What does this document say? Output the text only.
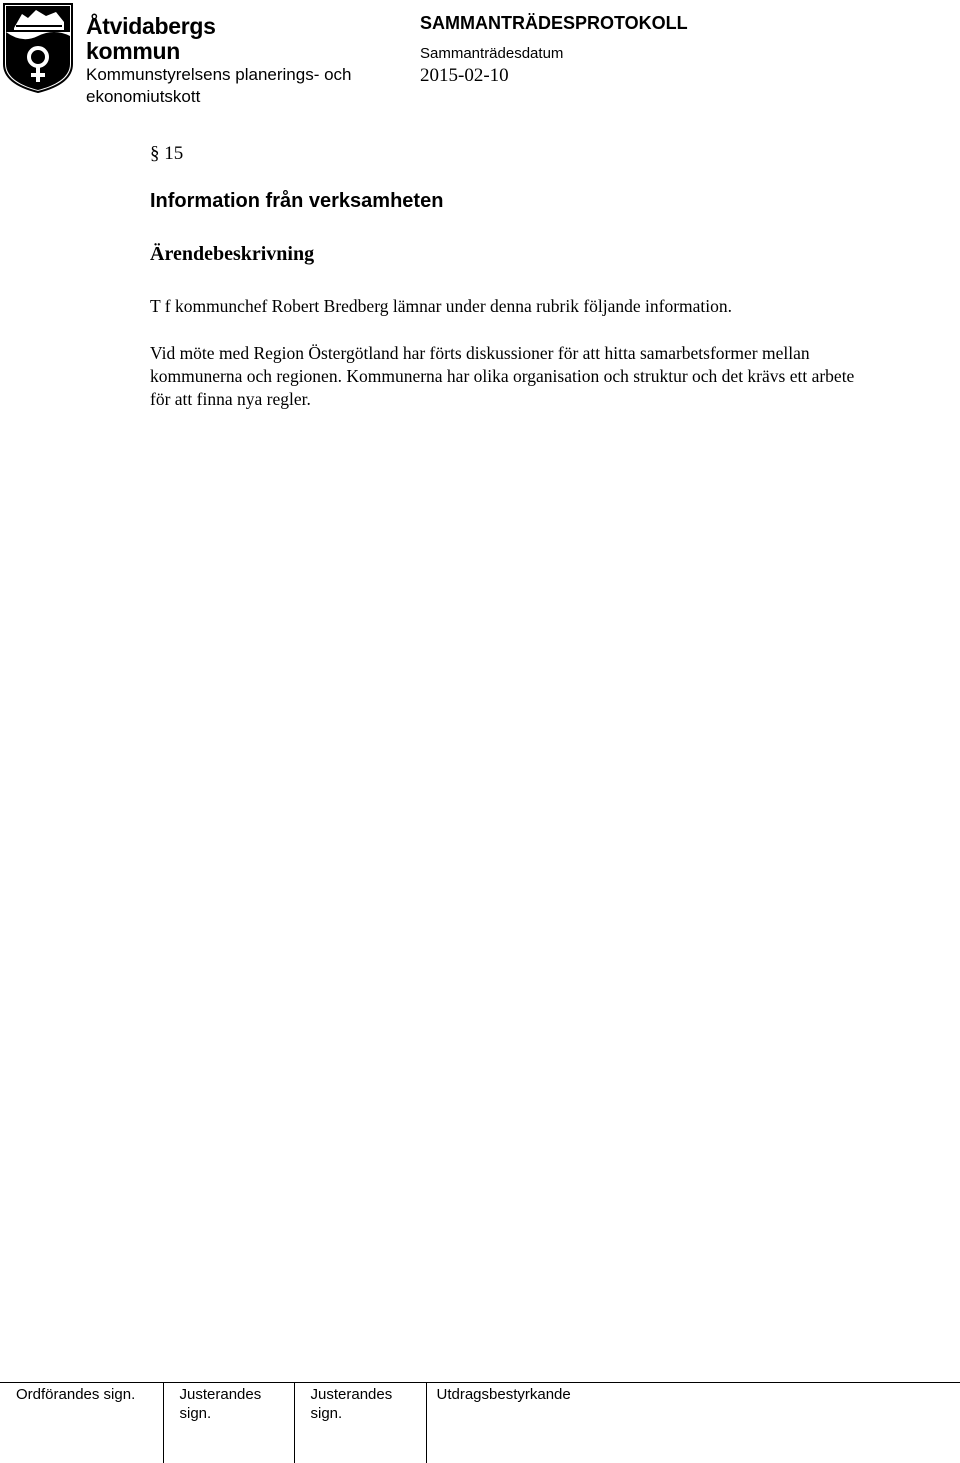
Åtvidabergs
kommun
Kommunstyrelsens planerings- och ekonomiutskott
SAMMANTRÄDESPROTOKOLL
Sammanträdesdatum
2015-02-10
§ 15
Information från verksamheten
Ärendebeskrivning
T f kommunchef Robert Bredberg lämnar under denna rubrik följande information.
Vid möte med Region Östergötland har förts diskussioner för att hitta samarbetsformer mellan kommunerna och regionen. Kommunerna har olika organisation och struktur och det krävs ett arbete för att finna nya regler.
Ordförandes sign.	Justerandes sign.	Justerandes sign.	Utdragsbestyrkande
